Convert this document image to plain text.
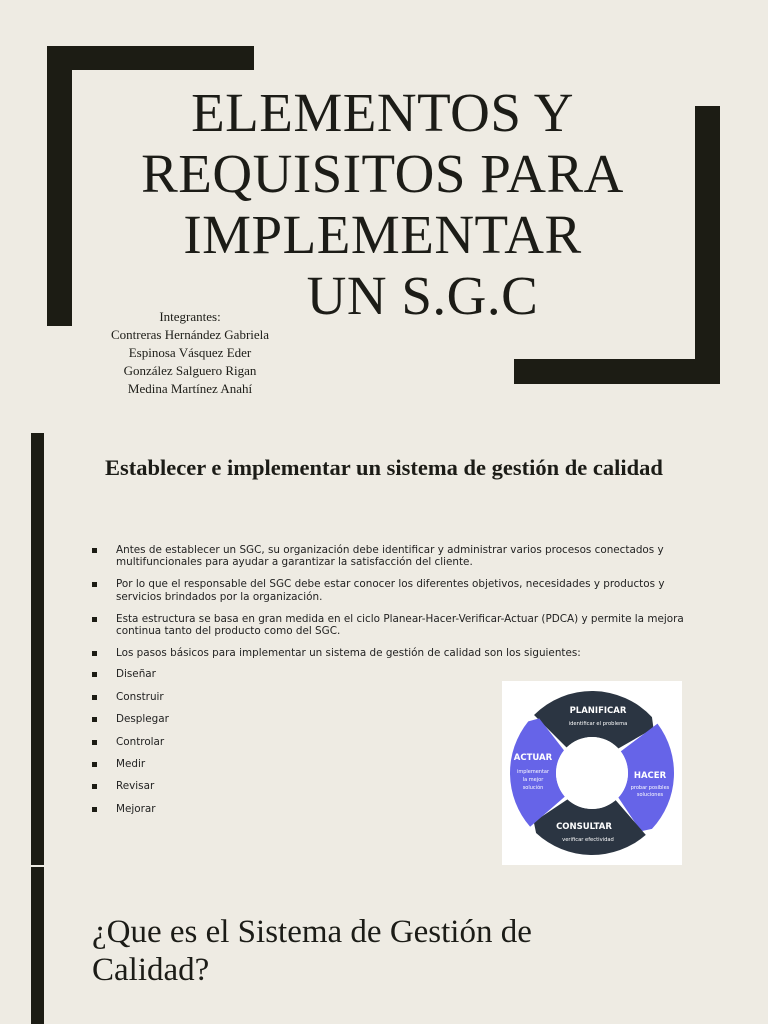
ELEMENTOS Y
REQUISITOS PARA
IMPLEMENTAR
UN S.G.C
Integrantes:
Contreras Hernández Gabriela
Espinosa Vásquez Eder
González Salguero Rigan
Medina Martínez Anahí
Establecer e implementar un sistema de gestión de calidad
Antes de establecer un SGC, su organización debe identificar y administrar varios procesos conectados y multifuncionales para ayudar a garantizar la satisfacción del cliente.
Por lo que el responsable del SGC debe estar conocer los diferentes objetivos, necesidades y productos y servicios brindados por la organización.
Esta estructura se basa en gran medida en el ciclo Planear-Hacer-Verificar-Actuar (PDCA) y permite la mejora continua tanto del producto como del SGC.
Los pasos básicos para implementar un sistema de gestión de calidad son los siguientes:
Diseñar
Construir
Desplegar
Controlar
Medir
Revisar
Mejorar
PLANIFICAR
identificar el problema
HACER
probar posibles
soluciones
CONSULTAR
verificar efectividad
ACTUAR
implementar
la mejor
solución
¿Que es el Sistema de Gestión de Calidad?
